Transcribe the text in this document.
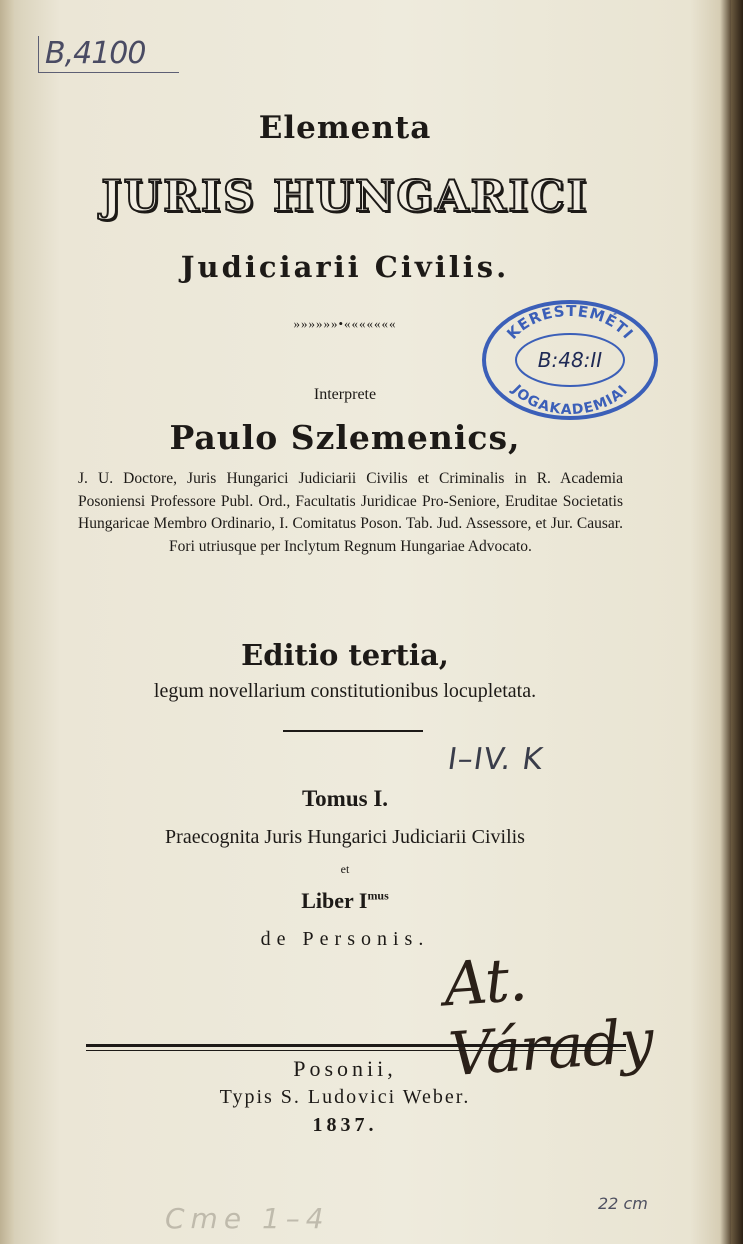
B,4100
Elementa
JURIS HUNGARICI
Judiciarii Civilis.
»»»»»»•«««««««	KERESTEMÉTI
JOGAKADEMIAI
B:48:II
Interprete
Paulo Szlemenics,
J. U. Doctore, Juris Hungarici Judiciarii Civilis et Criminalis in R. Academia Posoniensi Professore Publ. Ord., Facultatis Juridicae Pro-Seniore, Eruditae Societatis Hungaricae Membro Ordinario, I. Comitatus Poson. Tab. Jud. Assessore, et Jur. Causar. Fori utriusque per Inclytum Regnum Hungariae Advocato.
Editio tertia,
legum novellarium constitutionibus locupletata.
I–IV. K
Tomus I.
Praecognita Juris Hungarici Judiciarii Civilis
et
Liber $I^{mus}$
de Personis.
At. Várady
Posonii,
Typis S. Ludovici Weber.
1837.
Cme 1–4	22 cm
